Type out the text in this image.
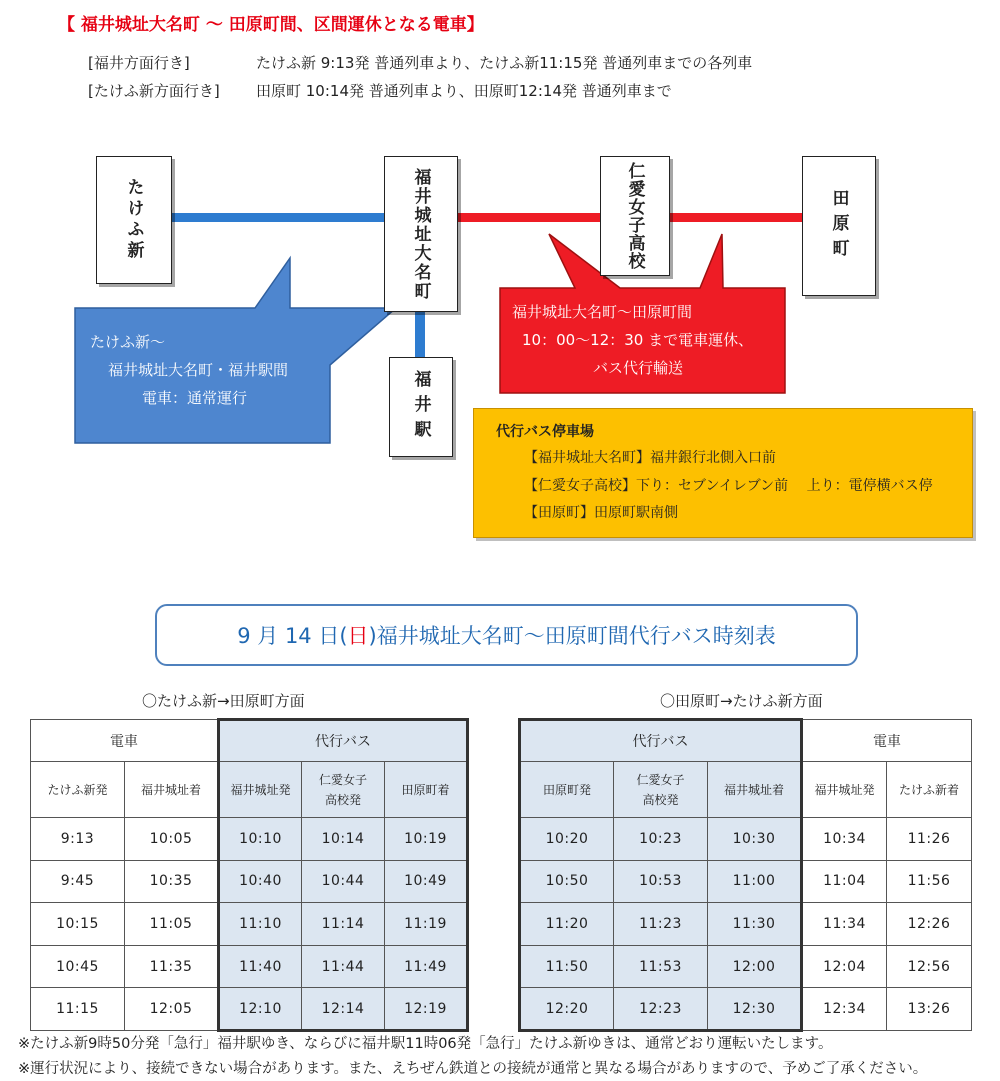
【 福井城址大名町 ～ 田原町間、区間運休となる電車】
[福井方面行き]	たけふ新 9:13発 普通列車より、たけふ新11:15発 普通列車までの各列車
[たけふ新方面行き] 田原町 10:14発 普通列車より、田原町12:14発 普通列車まで
たけふ新～
福井城址大名町・福井駅間
電車：通常運行
福井城址大名町～田原町間
10：00～12：30 まで電車運休、
バス代行輸送
たけふ新	福井城址大名町	仁愛女子高校	田原町
福井駅	代行バス停車場
【福井城址大名町】福井銀行北側入口前
【仁愛女子高校】下り：セブンイレブン前　 上り：電停横バス停
【田原町】田原町駅南側
9 月 14 日( 日 )福井城址大名町～田原町間代行バス時刻表
〇たけふ新→田原町方面	〇田原町→たけふ新方面
電車		代行バス		
たけふ新発	福井城址着	福井城址発	仁愛女子
高校発	田原町着
9:13	10:05	10:10	10:14	10:19
9:45	10:35	10:40	10:44	10:49
10:15	11:05	11:10	11:14	11:19
10:45	11:35	11:40	11:44	11:49
11:15	12:05	12:10	12:14	12:19
代行バス			電車	
田原町発	仁愛女子
高校発	福井城址着	福井城址発	たけふ新着
10:20	10:23	10:30	10:34	11:26
10:50	10:53	11:00	11:04	11:56
11:20	11:23	11:30	11:34	12:26
11:50	11:53	12:00	12:04	12:56
12:20	12:23	12:30	12:34	13:26
※たけふ新9時50分発「急行」福井駅ゆき、ならびに福井駅11時06発「急行」たけふ新ゆきは、通常どおり運転いたします。
※運行状況により、接続できない場合があります。また、えちぜん鉄道との接続が通常と異なる場合がありますので、予めご了承ください。
